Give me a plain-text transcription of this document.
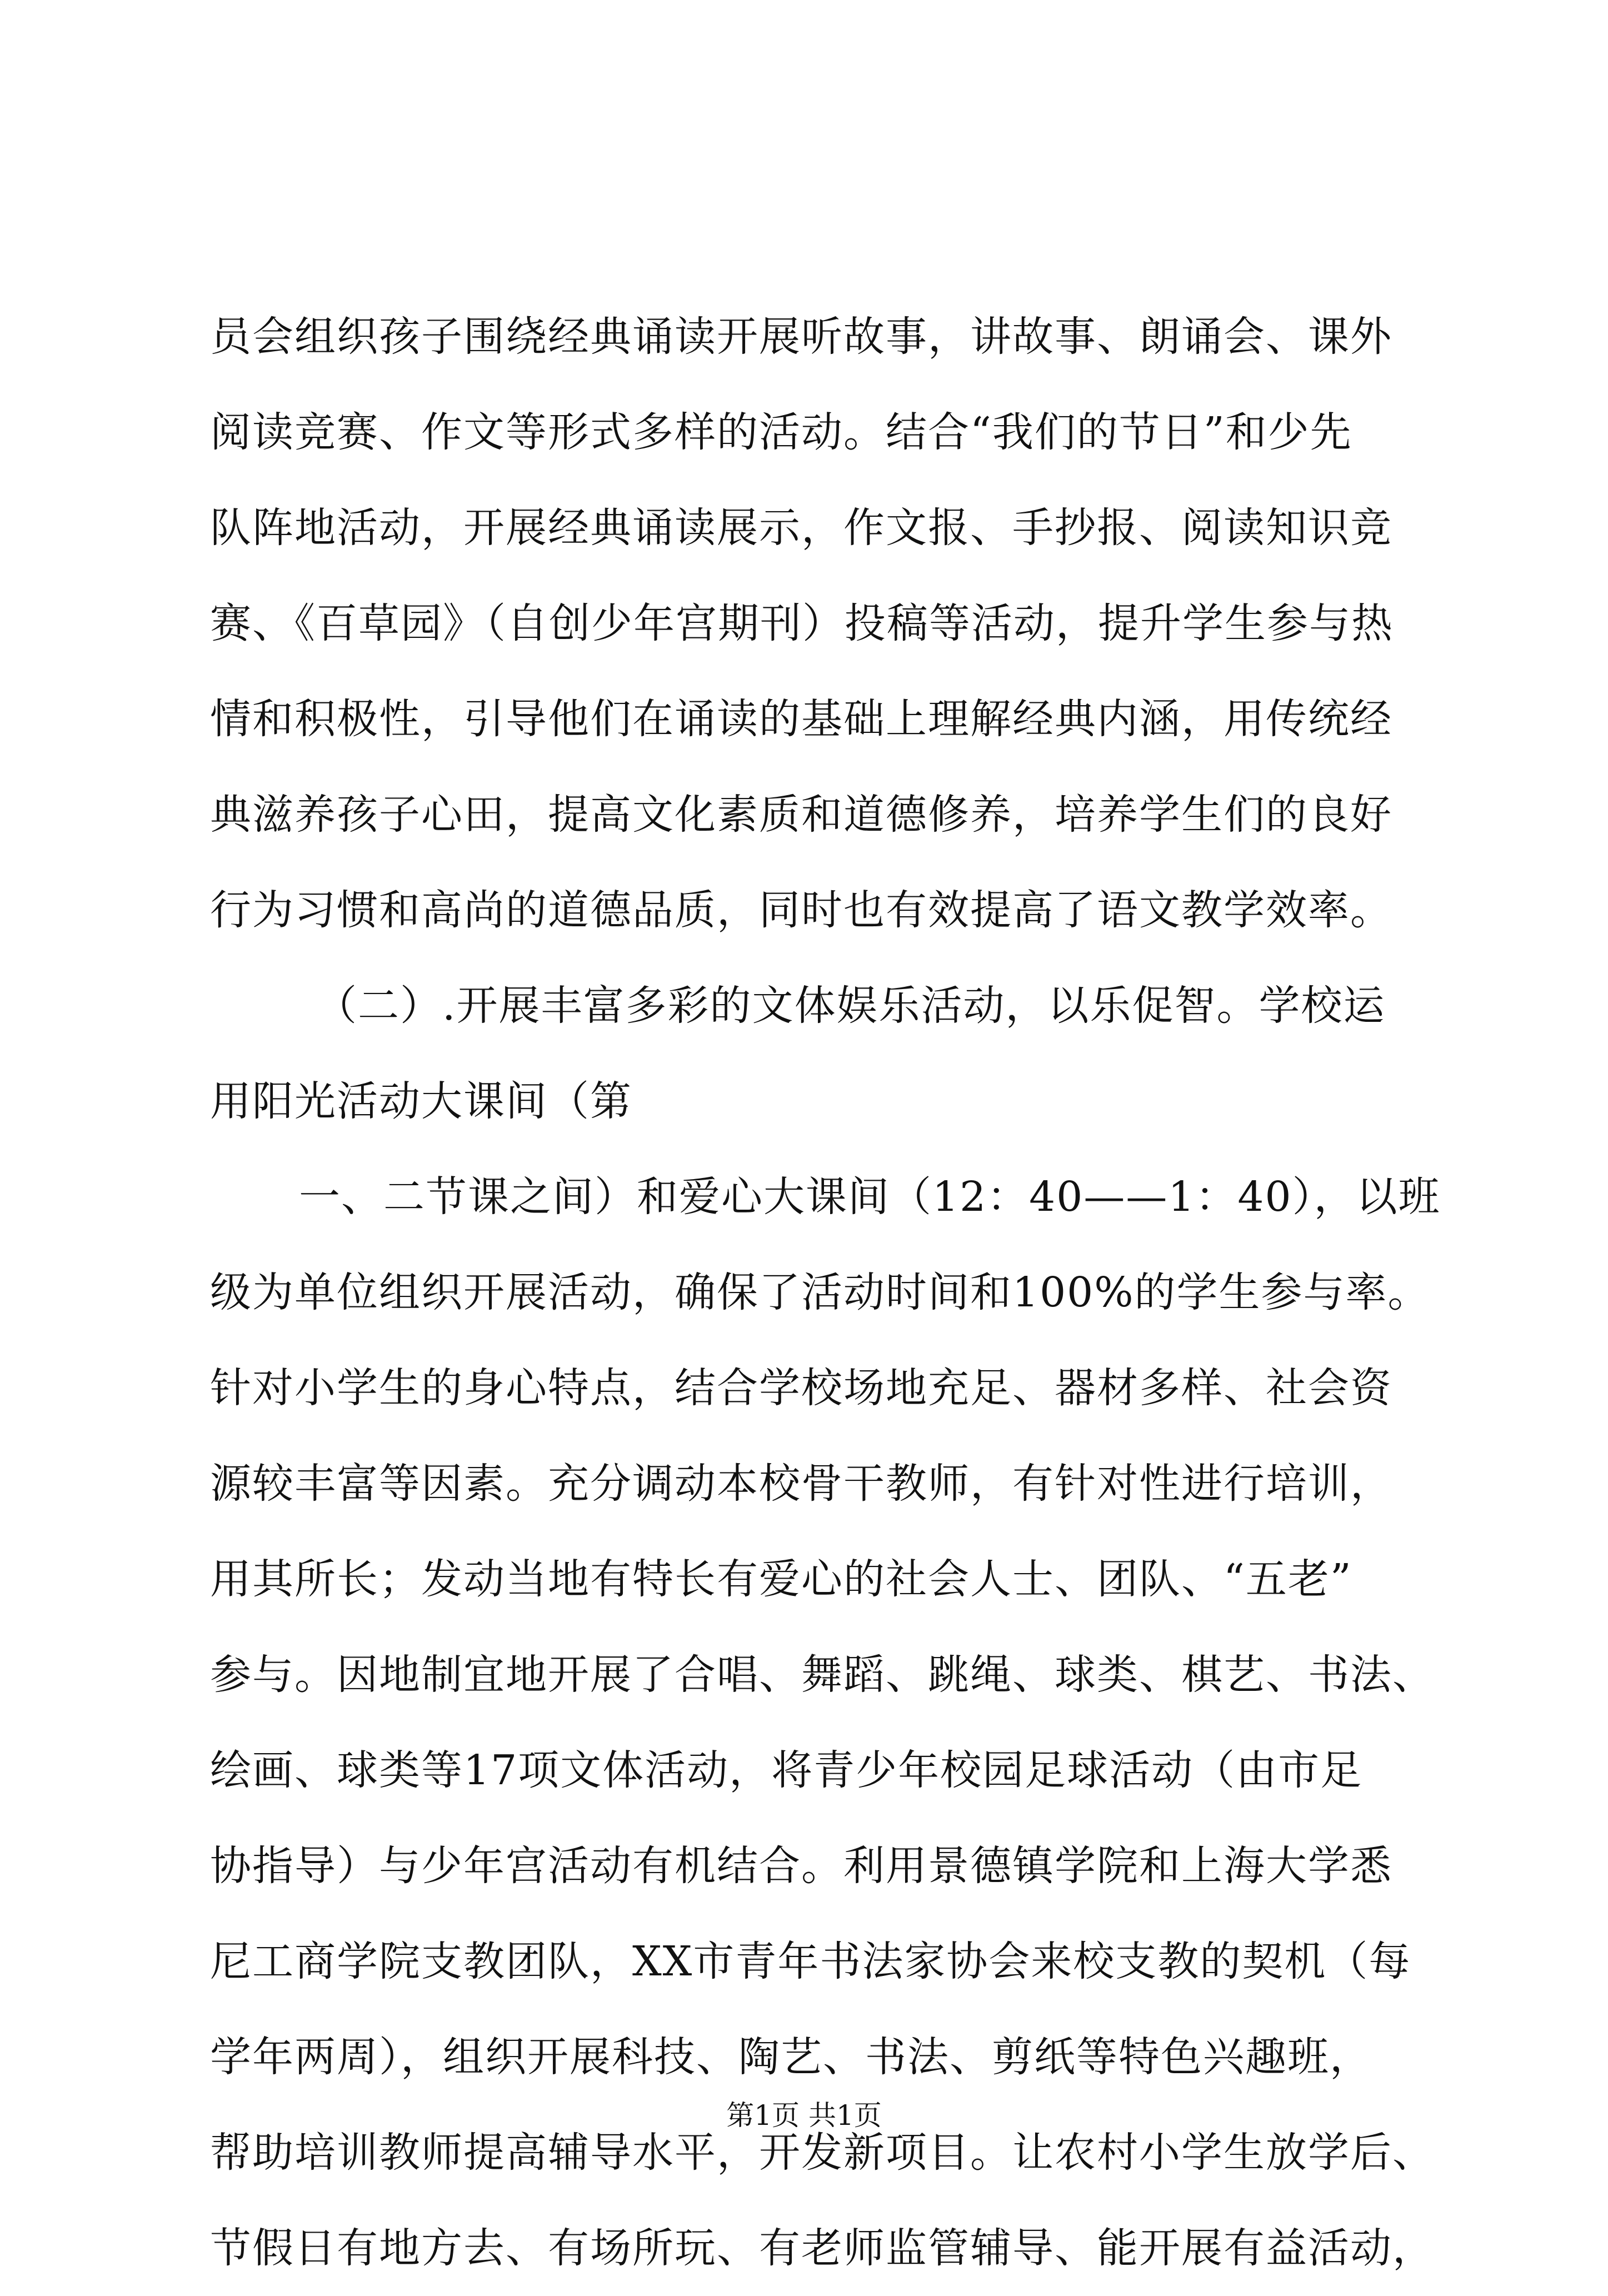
员会组织孩子围绕经典诵读开展听故事，讲故事、朗诵会、课外
阅读竞赛、作文等形式多样的活动。结合“我们的节日”和少先
队阵地活动，开展经典诵读展示，作文报、手抄报、阅读知识竞
赛、《百草园》（自创少年宫期刊）投稿等活动，提升学生参与热
情和积极性，引导他们在诵读的基础上理解经典内涵，用传统经
典滋养孩子心田，提高文化素质和道德修养，培养学生们的良好
行为习惯和高尚的道德品质，同时也有效提高了语文教学效率。
（二）.开展丰富多彩的文体娱乐活动，以乐促智。学校运
用阳光活动大课间（第
一、二节课之间）和爱心大课间（12：40——1：40），以班
级为单位组织开展活动，确保了活动时间和100%的学生参与率。
针对小学生的身心特点，结合学校场地充足、器材多样、社会资
源较丰富等因素。充分调动本校骨干教师，有针对性进行培训，
用其所长；发动当地有特长有爱心的社会人士、团队、“五老”
参与。因地制宜地开展了合唱、舞蹈、跳绳、球类、棋艺、书法、
绘画、球类等17项文体活动，将青少年校园足球活动（由市足
协指导）与少年宫活动有机结合。利用景德镇学院和上海大学悉
尼工商学院支教团队，XX市青年书法家协会来校支教的契机（每
学年两周），组织开展科技、陶艺、书法、剪纸等特色兴趣班，
帮助培训教师提高辅导水平，开发新项目。让农村小学生放学后、
节假日有地方去、有场所玩、有老师监管辅导、能开展有益活动，
第1页 共1页
